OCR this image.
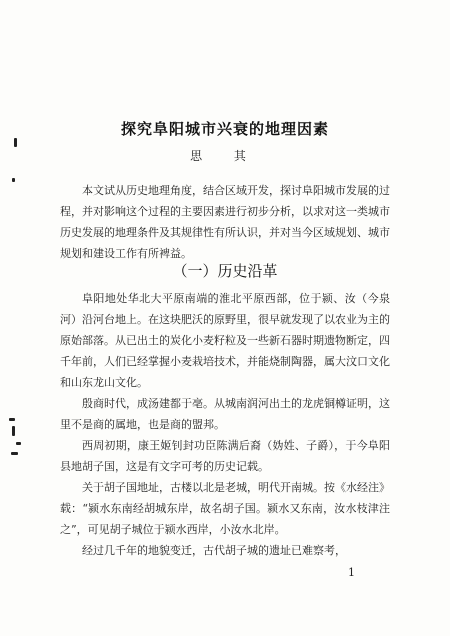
探究阜阳城市兴衰的地理因素
思 其

本文试从历史地理角度，结合区域开发，探讨阜阳城市发展的过程，并对影响这个过程的主要因素进行初步分析，以求对这一类城市历史发展的地理条件及其规律性有所认识，并对当今区域规划、城市规划和建设工作有所裨益。

（一）历史沿革

阜阳地处华北大平原南端的淮北平原西部，位于颍、汝（今泉河）沿河台地上。在这块肥沃的原野里，很早就发现了以农业为主的原始部落。从已出土的炭化小麦籽粒及一些新石器时期遗物断定，四千年前，人们已经掌握小麦栽培技术，并能烧制陶器，属大汶口文化和山东龙山文化。

殷商时代，成汤建都于亳。从城南润河出土的龙虎铜樽证明，这里不是商的属地，也是商的盟邦。

西周初期，康王姬钊封功臣陈满后裔（妫姓、子爵），于今阜阳县地胡子国，这是有文字可考的历史记载。

关于胡子国地址，古楼以北是老城，明代开南城。按《水经注》载：“颍水东南经胡城东岸，故名胡子国。颍水又东南，汝水枝津注之”，可见胡子城位于颍水西岸，小汝水北岸。

经过几千年的地貌变迁，古代胡子城的遗址已难察考，

1
